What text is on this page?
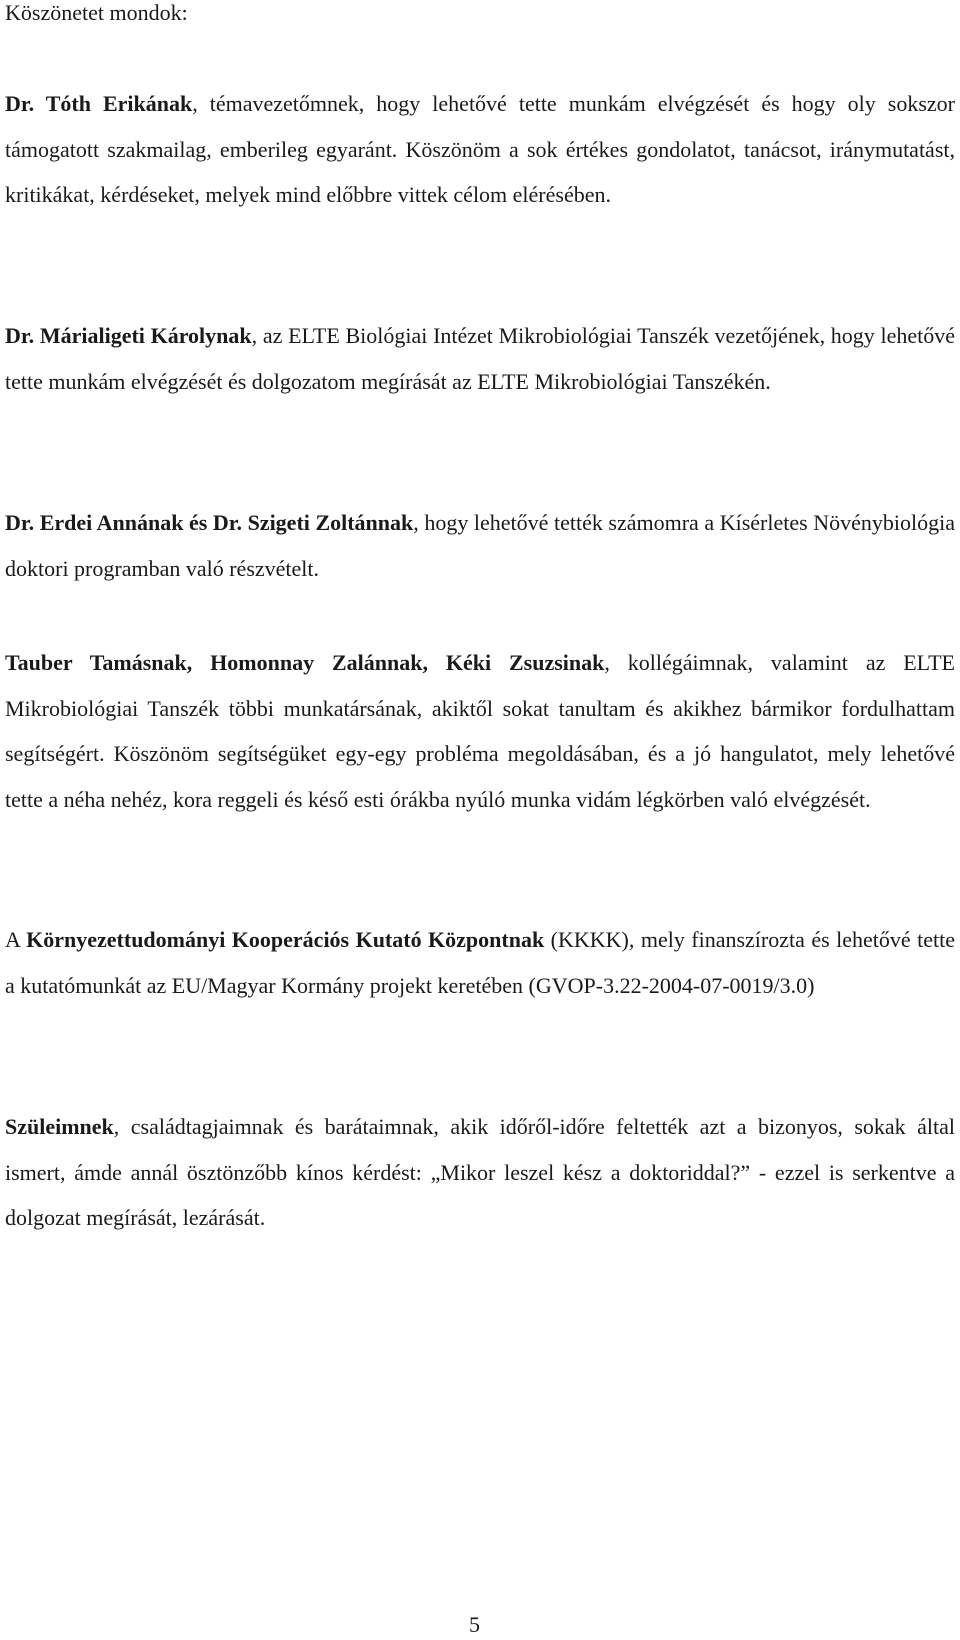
Köszönetet mondok:

Dr. Tóth Erikának, témavezetőmnek, hogy lehetővé tette munkám elvégzését és hogy oly sokszor támogatott szakmailag, emberileg egyaránt. Köszönöm a sok értékes gondolatot, tanácsot, iránymutatást, kritikákat, kérdéseket, melyek mind előbbre vittek célom elérésében.

Dr. Márialigeti Károlynak, az ELTE Biológiai Intézet Mikrobiológiai Tanszék vezetőjének, hogy lehetővé tette munkám elvégzését és dolgozatom megírását az ELTE Mikrobiológiai Tanszékén.

Dr. Erdei Annának és Dr. Szigeti Zoltánnak, hogy lehetővé tették számomra a Kísérletes Növénybiológia doktori programban való részvételt.

Tauber Tamásnak, Homonnay Zalánnak, Kéki Zsuzsinak, kollégáimnak, valamint az ELTE Mikrobiológiai Tanszék többi munkatársának, akiktől sokat tanultam és akikhez bármikor fordulhattam segítségért. Köszönöm segítségüket egy-egy probléma megoldásában, és a jó hangulatot, mely lehetővé tette a néha nehéz, kora reggeli és késő esti órákba nyúló munka vidám légkörben való elvégzését.

A Környezettudományi Kooperációs Kutató Központnak (KKKK), mely finanszírozta és lehetővé tette a kutatómunkát az EU/Magyar Kormány projekt keretében (GVOP-3.22-2004-07-0019/3.0)

Szüleimnek, családtagjaimnak és barátaimnak, akik időről-időre feltették azt a bizonyos, sokak által ismert, ámde annál ösztönzőbb kínos kérdést: „Mikor leszel kész a doktoriddal?” - ezzel is serkentve a dolgozat megírását, lezárását.

5
